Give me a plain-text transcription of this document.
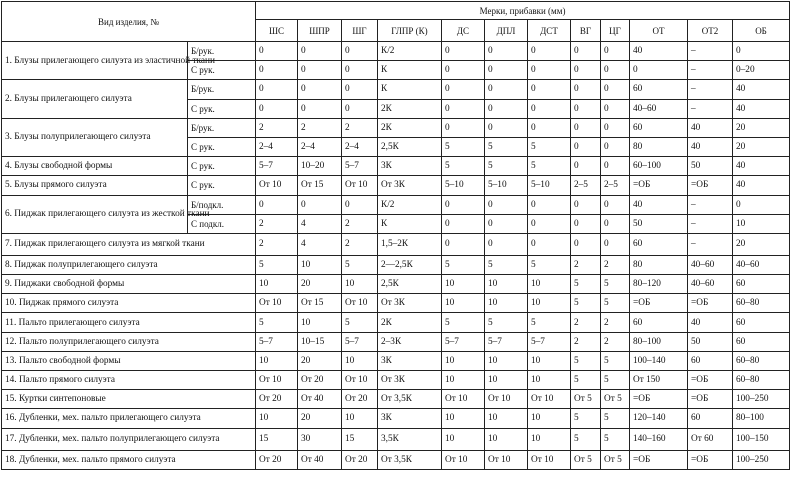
Вид изделия, №		Мерки, прибавки (мм)											
		ШС	ШПР	ШГ	ГЛПР (К)	ДС	ДПЛ	ДСТ	ВГ	ЦГ	ОТ	ОТ2	ОБ
1. Блузы прилегающего силуэта из эластичной ткани	Б/рук.	0	0	0	К/2	0	0	0	0	0	40	–	0
	С рук.	0	0	0	К	0	0	0	0	0	0	–	0–20
2. Блузы прилегающего силуэта	Б/рук.	0	0	0	К	0	0	0	0	0	60	–	40
	С рук.	0	0	0	2К	0	0	0	0	0	40–60	–	40
3. Блузы полуприлегающего силуэта	Б/рук.	2	2	2	2К	0	0	0	0	0	60	40	20
	С рук.	2–4	2–4	2–4	2,5К	5	5	5	0	0	80	40	20
4. Блузы свободной формы	С рук.	5–7	10–20	5–7	3К	5	5	5	0	0	60–100	50	40
5. Блузы прямого силуэта	С рук.	От 10	От 15	От 10	От 3К	5–10	5–10	5–10	2–5	2–5	=ОБ	=ОБ	40
6. Пиджак прилегающего силуэта из жесткой ткани	Б/подкл.	0	0	0	К/2	0	0	0	0	0	40	–	0
	С подкл.	2	4	2	К	0	0	0	0	0	50	–	10
7. Пиджак прилегающего силуэта из мягкой ткани		2	4	2	1,5–2К	0	0	0	0	0	60	–	20
8. Пиджак полуприлегающего силуэта		5	10	5	2—2,5К	5	5	5	2	2	80	40–60	40–60
9. Пиджаки свободной формы		10	20	10	2,5К	10	10	10	5	5	80–120	40–60	60
10. Пиджак прямого силуэта		От 10	От 15	От 10	От 3К	10	10	10	5	5	=ОБ	=ОБ	60–80
11. Пальто прилегающего силуэта		5	10	5	2К	5	5	5	2	2	60	40	60
12. Пальто полуприлегающего силуэта		5–7	10–15	5–7	2–3К	5–7	5–7	5–7	2	2	80–100	50	60
13. Пальто свободной формы		10	20	10	3К	10	10	10	5	5	100–140	60	60–80
14. Пальто прямого силуэта		От 10	От 20	От 10	От 3К	10	10	10	5	5	От 150	=ОБ	60–80
15. Куртки синтепоновые		От 20	От 40	От 20	От 3,5К	От 10	От 10	От 10	От 5	От 5	=ОБ	=ОБ	100–250
16. Дубленки, мех. пальто прилегающего силуэта		10	20	10	3К	10	10	10	5	5	120–140	60	80–100
17. Дубленки, мех. пальто полуприлегающего силуэта		15	30	15	3,5К	10	10	10	5	5	140–160	От 60	100–150
18. Дубленки, мех. пальто прямого силуэта		От 20	От 40	От 20	От 3,5К	От 10	От 10	От 10	От 5	От 5	=ОБ	=ОБ	100–250
